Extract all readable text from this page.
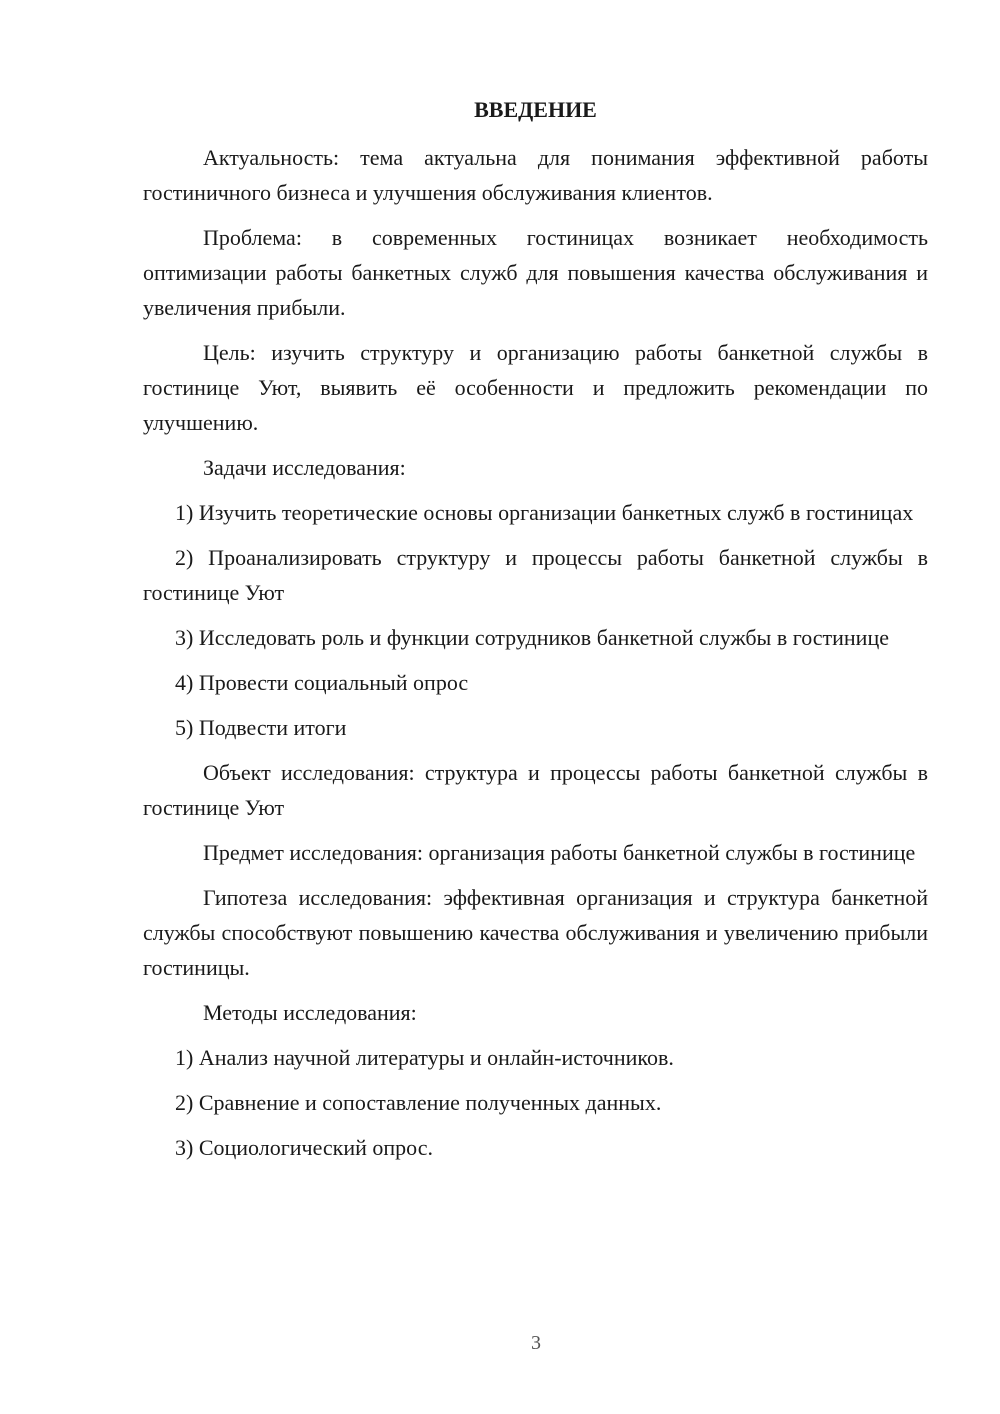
ВВЕДЕНИЕ

Актуальность: тема актуальна для понимания эффективной работы гостиничного бизнеса и улучшения обслуживания клиентов.

Проблема: в современных гостиницах возникает необходимость оптимизации работы банкетных служб для повышения качества обслуживания и увеличения прибыли.

Цель: изучить структуру и организацию работы банкетной службы в гостинице Уют, выявить её особенности и предложить рекомендации по улучшению.

Задачи исследования:

1) Изучить теоретические основы организации банкетных служб в гостиницах

2) Проанализировать структуру и процессы работы банкетной службы в гостинице Уют

3) Исследовать роль и функции сотрудников банкетной службы в гостинице

4) Провести социальный опрос

5) Подвести итоги

Объект исследования: структура и процессы работы банкетной службы в гостинице Уют

Предмет исследования: организация работы банкетной службы в гостинице

Гипотеза исследования: эффективная организация и структура банкетной службы способствуют повышению качества обслуживания и увеличению прибыли гостиницы.

Методы исследования:

1) Анализ научной литературы и онлайн-источников.

2) Сравнение и сопоставление полученных данных.

3) Социологический опрос.

3
